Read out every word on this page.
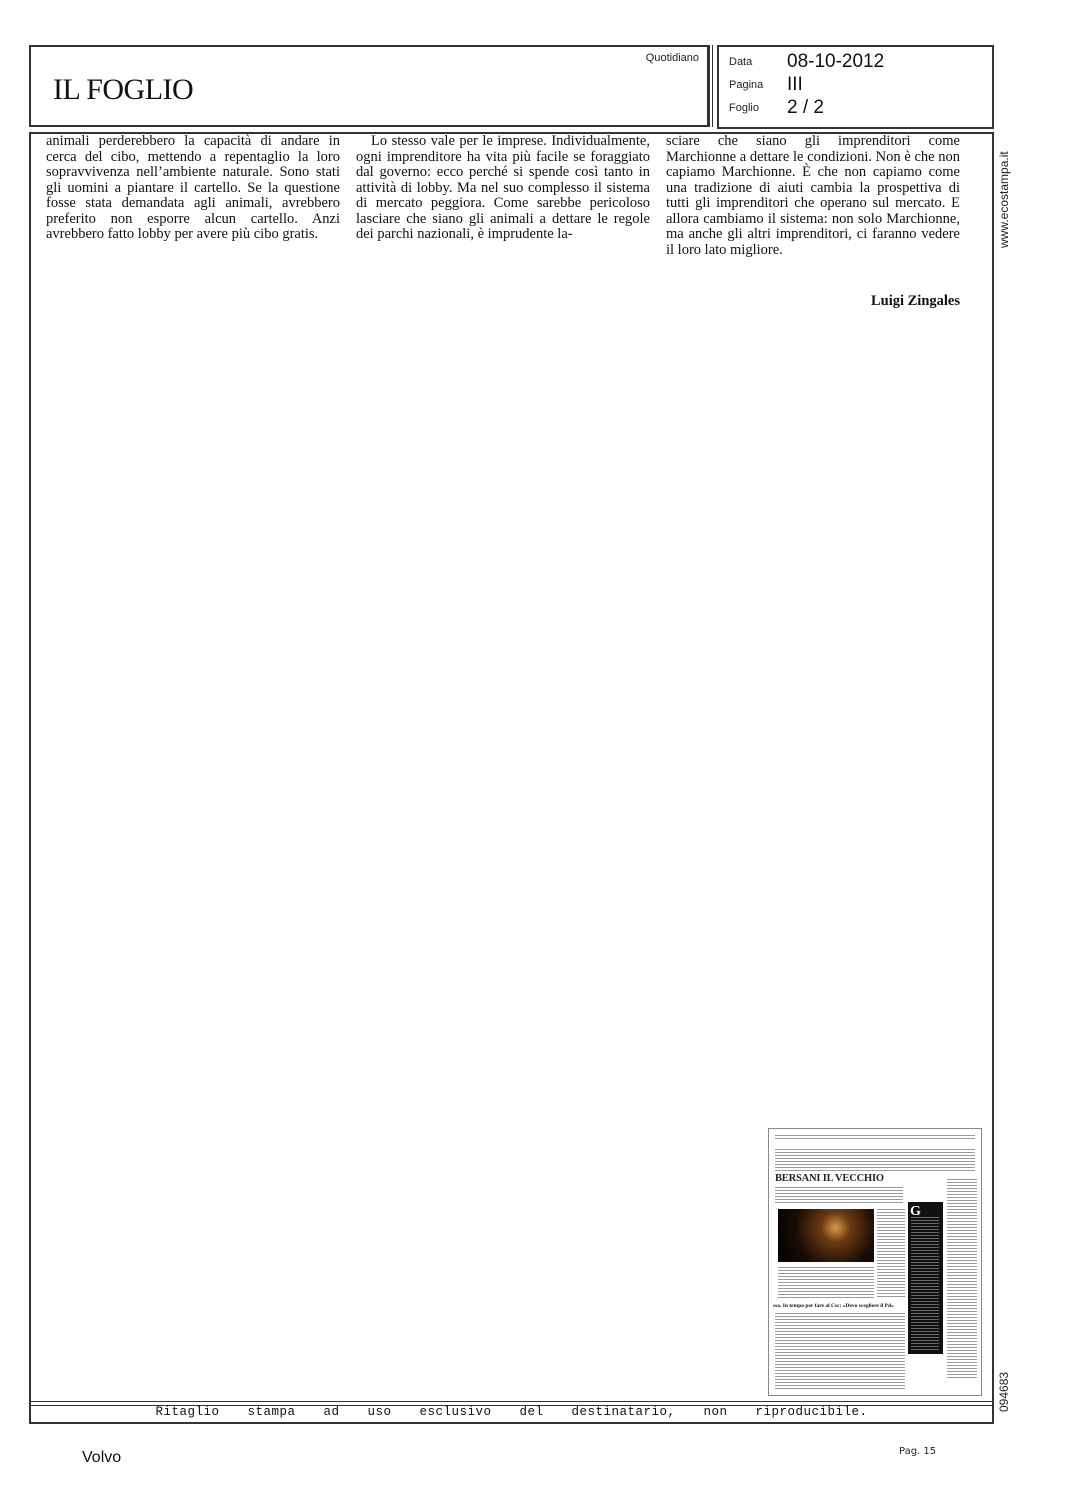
IL FOGLIO
Quotidiano	Data 08-10-2012
Pagina III
Foglio 2 / 2

animali perderebbero la capacità di andare in cerca del cibo, mettendo a repentaglio la loro sopravvivenza nell’ambiente naturale. Sono stati gli uomini a piantare il cartello. Se la questione fosse stata demandata agli animali, avrebbero preferito non esporre alcun cartello. Anzi avrebbero fatto lobby per avere più cibo gratis.

Lo stesso vale per le imprese. Individualmente, ogni imprenditore ha vita più facile se foraggiato dal governo: ecco perché si spende così tanto in attività di lobby. Ma nel suo complesso il sistema di mercato peggiora. Come sarebbe pericoloso lasciare che siano gli animali a dettare le regole dei parchi nazionali, è imprudente la-

sciare che siano gli imprenditori come Marchionne a dettare le condizioni. Non è che non capiamo Marchionne. È che non capiamo come una tradizione di aiuti cambia la prospettiva di tutti gli imprenditori che operano sul mercato. E allora cambiamo il sistema: non solo Marchionne, ma anche gli altri imprenditori, ci faranno vedere il loro lato migliore.

Luigi Zingales
www.ecostampa.it
094683
BERSANI IL VECCHIO
G
ssa. In tempo per fare al Csc: «Devo scegliere il Pd»
Ritaglio stampa ad uso esclusivo del destinatario, non riproducibile.
Volvo	Pag. 15
